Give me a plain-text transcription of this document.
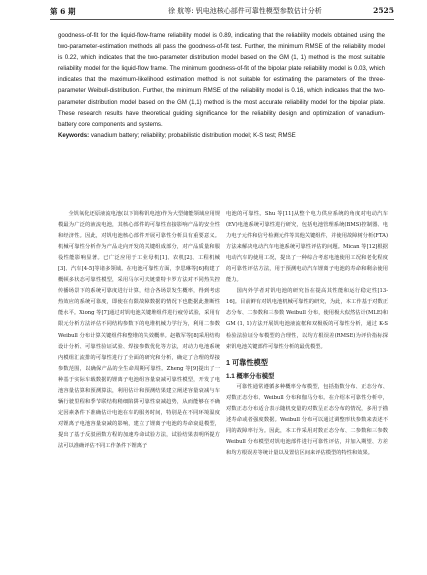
第 6 期	徐 航等: 钒电池核心部件可靠性模型参数估计分析	2525
goodness-of-fit for the liquid-flow-frame reliability model is 0.89, indicating that the reliability models obtained using the two-parameter-estimation methods all pass the goodness-of-fit test. Further, the minimum RMSE of the reliability model is 0.22, which indicates that the two-parameter distribution model based on the GM (1, 1) method is the most suitable reliability model for the liquid-flow frame. The minimum goodness-of-fit of the bipolar plate reliability model is 0.03, which indicates that the maximum-likelihood estimation method is not suitable for estimating the parameters of the three-parameter Weibull-distribution. Further, the minimum RMSE of the reliability model is 0.16, which indicates that the two-parameter distribution model based on the GM (1,1) method is the most accurate reliability model for the bipolar plate. These research results have theoretical guiding significance for the reliability design and optimization of vanadium-battery core components and systems.
Keywords: vanadium battery; reliability; probabilistic distribution model; K-S test; RMSE

全钒氧化还原液流电池(以下简称钒电池)作为大型储能领域应用规模最为广泛的液流电池，其核心部件的可靠性直接影响产品的安全性和经济性。因此，对钒电池核心部件开展可靠性分析具有重要意义。机械可靠性分析作为产品走向开发的关键组成部分，对产品质量和服役性能影响显著。已广泛应用于工业母机[1]、农机[2]、工程机械[3]、汽车[4-5]等诸多领域。在电池可靠性方面，李思琳等[6]构建了概顿多状态可靠性模型，采用马尔可夫链蒙特卡罗方法对不同热失控传播场景下的系统可靠度进行计算，结合各场景发生概率，得到考虑热效应的系统可靠度，即使在有限故障数据的情况下也能据此推断性能水平。Xiong 等[7]通过对钒电池关键堆组件进行疲劳试验，采用有限元分析方法评估不同结构参数下的电堆机械力学行为，利用二参数 Weibull 分布计算关键组件和整堆的失效概率。赵敬军等[8]采用结构设计分析、可靠性验证试验、焊接参数优化等方法，对动力电池系统内模组汇流排的可靠性进行了全面的研究和分析，确定了合理的焊接参数范围，以确保产品的全生命周期可靠性。Zheng 等[9]提出了一种基于实际车载数据的锂离子电池组容量衰减可靠性模型，开发了电池容量估算和预测算法，利用估计和预测结果建立阐述容量衰减与车辆行驶里程和季节联结构稍细陷阱可靠性衰减趋势，从而能够在不确定因素条件下准确估计电池在车的服务时间，特别是在不同环境温度对锂离子电池容量衰减的影响，建立了锂离子电池的寿命衰退模型，提出了基于反驳函数方程的加速寿命试验方法，试验结果表明所提方法可以准确评估不同工作条件下锂离子

电池的可靠性。Shu 等[11]从整个电力供应系统的角度对电动汽车(EV)电池系统可靠性进行研究，包括电池管理系统(BMS)控制器、电力电子元件和信号检测元件等其他关键组件，并使用故障树分析(FTA)方法来解决电动汽车电池系统可靠性评估的问题。Mican 等[12]根据电动汽车的使用工况，提出了一种综合考虑电池使用工况和老化程度的可靠性评估方法，用于预测电动汽车锂离子电池的寿命和剩余使用能力。

国内外学者对钒电池的研究旨在提高其性能和运行稳定性[13-16]。目前鲜有对钒电池机械可靠性的研究，为此，本工作基于对数正态分布、二参数和三参数 Weibull 分布，使用极大似然估计(MLE)和 GM (1, 1)方法开展钒电池液流框和双极板的可靠性分析，通过 K-S 检验法验证分布模型的合理性，以均方根误差(RMSE)为评价指标探索钒电池关键部件可靠性分析的最优模型。

1 可靠性模型
1.1 概率分布模型

可靠性通常遵循多种概率分布模型，包括指数分布、正态分布、对数正态分布、Weibull 分布和伽马分布。在介绍本可靠性分析中，对数正态分布适合表示随机变量的对数呈正态分布的情况，多用于描述寿命或者强度数据。Weibull 分布可以通过调整形状参数来表述不同的故障率行为。因此，本工作采用对数正态分布、二参数和三参数 Weibull 分布模型对钒电池部件进行可靠性评估，并加入期望、方差和均方根误差等统计量以及置信区间来评估模型的特性和效果。
